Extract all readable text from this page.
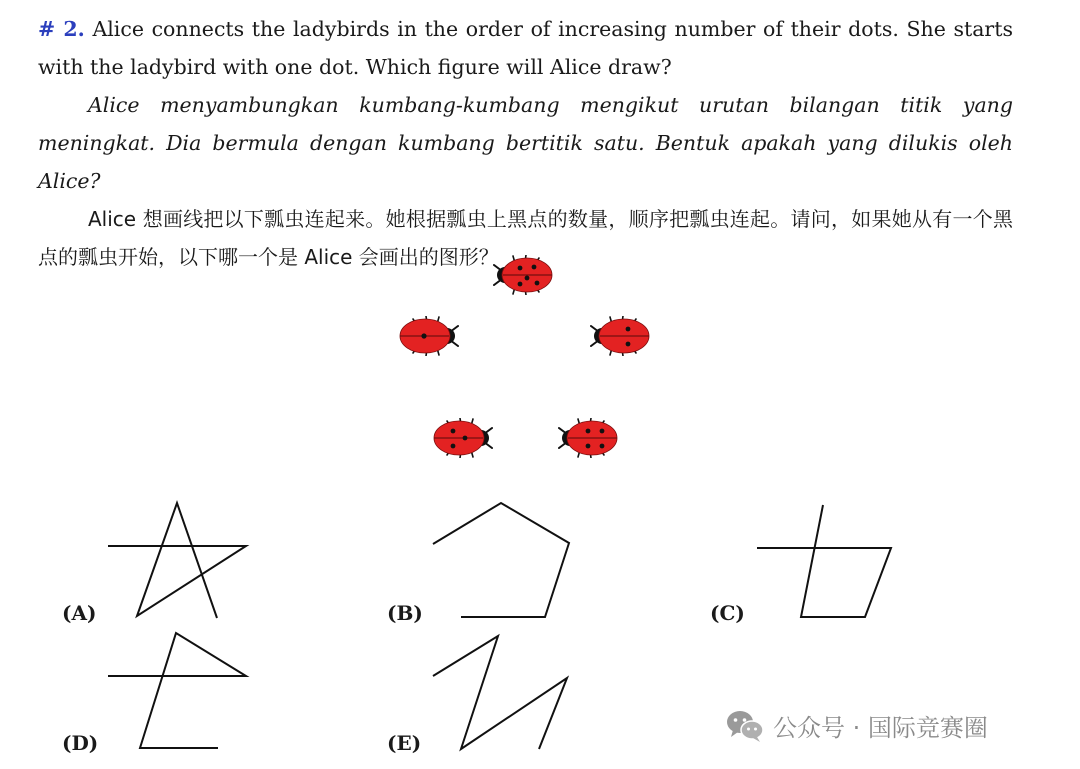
# 2. Alice connects the ladybirds in the order of increasing number of their dots. She starts with the ladybird with one dot. Which figure will Alice draw?

Alice menyambungkan kumbang-kumbang mengikut urutan bilangan titik yang meningkat. Dia bermula dengan kumbang bertitik satu. Bentuk apakah yang dilukis oleh Alice?

Alice 想画线把以下瓢虫连起来。她根据瓢虫上黑点的数量，顺序把瓢虫连起。请问，如果她从有一个黑点的瓢虫开始，以下哪一个是 Alice 会画出的图形？

(A)	(B)	(C)
(D)	(E)
公众号 · 国际竞赛圈
